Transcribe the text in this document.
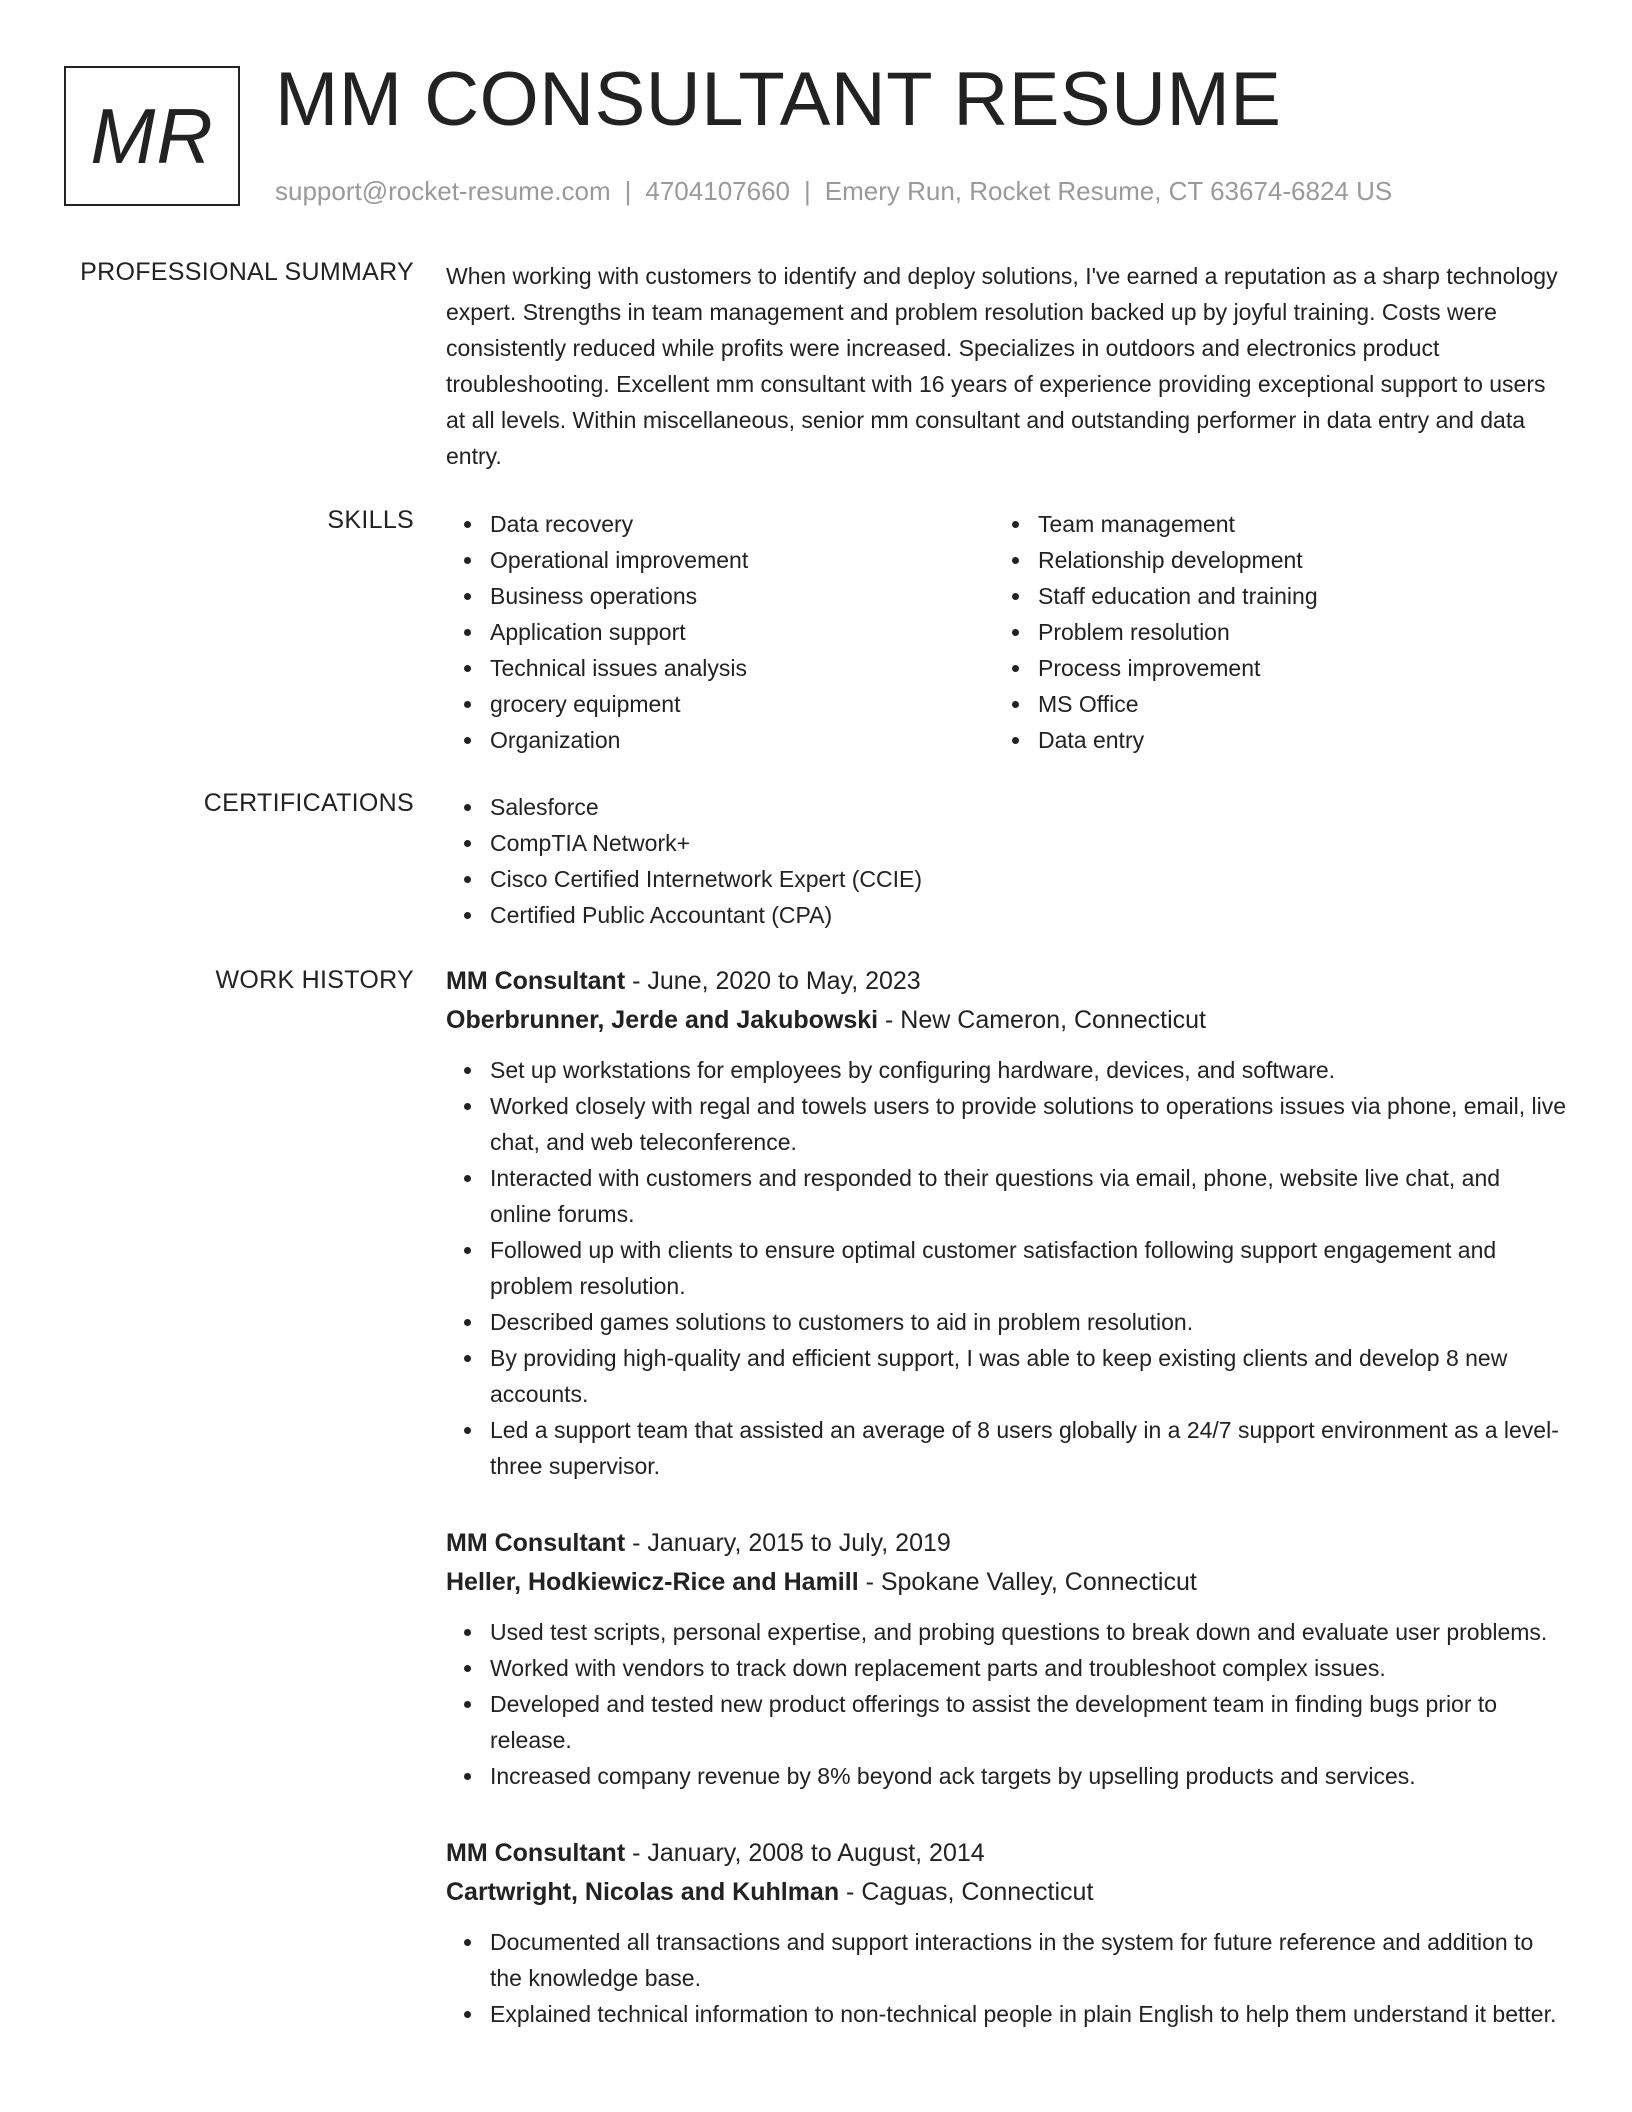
MR MM CONSULTANT RESUME
support@rocket-resume.com | 4704107660 | Emery Run, Rocket Resume, CT 63674-6824 US
PROFESSIONAL SUMMARY When working with customers to identify and deploy solutions, I've earned a reputation as a sharp technology expert. Strengths in team management and problem resolution backed up by joyful training. Costs were consistently reduced while profits were increased. Specializes in outdoors and electronics product troubleshooting. Excellent mm consultant with 16 years of experience providing exceptional support to users at all levels. Within miscellaneous, senior mm consultant and outstanding performer in data entry and data entry.

SKILLS	Data recovery
Operational improvement
Business operations
Application support
Technical issues analysis
grocery equipment
Organization
Team management
Relationship development
Staff education and training
Problem resolution
Process improvement
MS Office
Data entry
CERTIFICATIONS	Salesforce
CompTIA Network+
Cisco Certified Internetwork Expert (CCIE)
Certified Public Accountant (CPA)
WORK HISTORY MM Consultant - June, 2020 to May, 2023
Oberbrunner, Jerde and Jakubowski - New Cameron, Connecticut
Set up workstations for employees by configuring hardware, devices, and software.
Worked closely with regal and towels users to provide solutions to operations issues via phone, email, live chat, and web teleconference.
Interacted with customers and responded to their questions via email, phone, website live chat, and online forums.
Followed up with clients to ensure optimal customer satisfaction following support engagement and problem resolution.
Described games solutions to customers to aid in problem resolution.
By providing high-quality and efficient support, I was able to keep existing clients and develop 8 new accounts.
Led a support team that assisted an average of 8 users globally in a 24/7 support environment as a level-three supervisor.
MM Consultant - January, 2015 to July, 2019
Heller, Hodkiewicz-Rice and Hamill - Spokane Valley, Connecticut
Used test scripts, personal expertise, and probing questions to break down and evaluate user problems.
Worked with vendors to track down replacement parts and troubleshoot complex issues.
Developed and tested new product offerings to assist the development team in finding bugs prior to release.
Increased company revenue by 8% beyond ack targets by upselling products and services.
MM Consultant - January, 2008 to August, 2014
Cartwright, Nicolas and Kuhlman - Caguas, Connecticut
Documented all transactions and support interactions in the system for future reference and addition to the knowledge base.
Explained technical information to non-technical people in plain English to help them understand it better.
